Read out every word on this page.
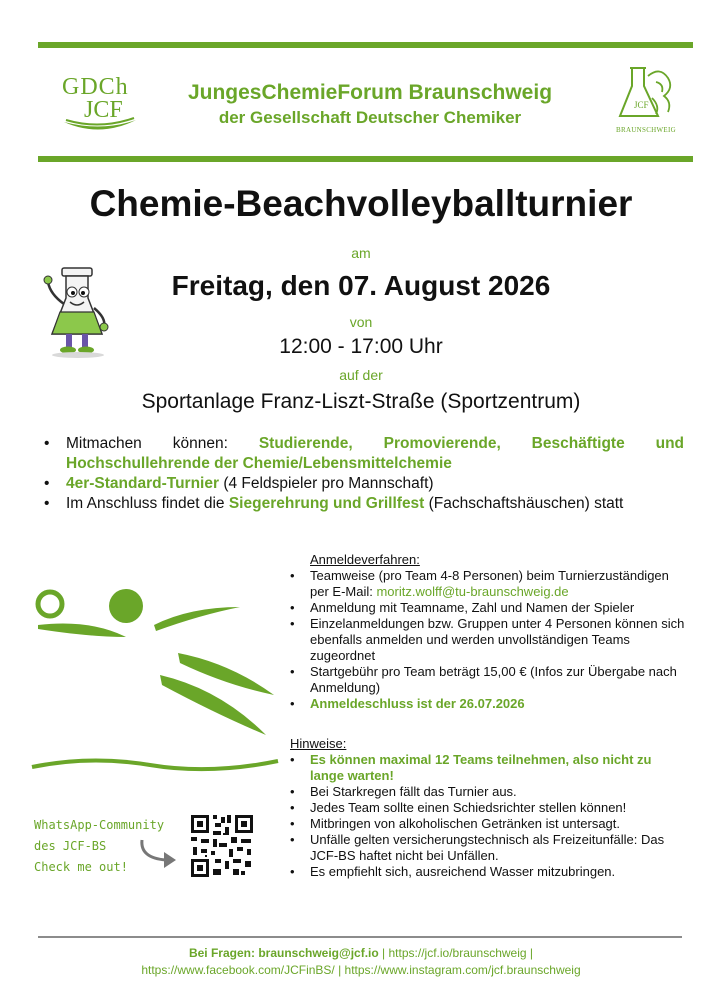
GDCh
JCF
JungesChemieForum Braunschweig
der Gesellschaft Deutscher Chemiker
JCF
BRAUNSCHWEIG
Chemie-Beachvolleyballturnier
am
Freitag, den 07. August 2026
von
12:00 - 17:00 Uhr
auf der
Sportanlage Franz-Liszt-Straße (Sportzentrum)
• Mitmachen können: Studierende, Promovierende, Beschäftigte und
Hochschullehrende der Chemie/Lebensmittelchemie
• 4er-Standard-Turnier (4 Feldspieler pro Mannschaft)
• Im Anschluss findet die Siegerehrung und Grillfest (Fachschaftshäuschen) statt
Anmeldeverfahren:
• Teamweise (pro Team 4-8 Personen) beim Turnierzuständigen per E-Mail: moritz.wolff@tu-braunschweig.de
• Anmeldung mit Teamname, Zahl und Namen der Spieler
• Einzelanmeldungen bzw. Gruppen unter 4 Personen können sich ebenfalls anmelden und werden unvollständigen Teams zugeordnet
• Startgebühr pro Team beträgt 15,00 € (Infos zur Übergabe nach Anmeldung)
• Anmeldeschluss ist der 26.07.2026
Hinweise:
• Es können maximal 12 Teams teilnehmen, also nicht zu lange warten!
• Bei Starkregen fällt das Turnier aus.
• Jedes Team sollte einen Schiedsrichter stellen können!
• Mitbringen von alkoholischen Getränken ist untersagt.
• Unfälle gelten versicherungstechnisch als Freizeitunfälle: Das JCF-BS haftet nicht bei Unfällen.
• Es empfiehlt sich, ausreichend Wasser mitzubringen.
WhatsApp-Community
des JCF-BS
Check me out!
Bei Fragen: braunschweig@jcf.io | https://jcf.io/braunschweig |
https://www.facebook.com/JCFinBS/ | https://www.instagram.com/jcf.braunschweig
